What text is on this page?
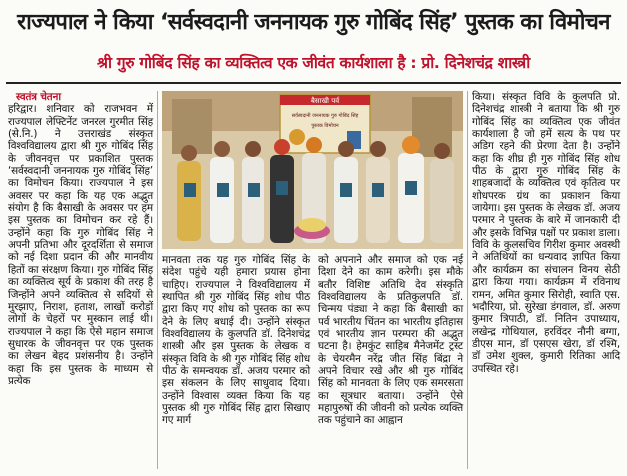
राज्यपाल ने किया ‘सर्वस्वदानी जननायक गुरु गोबिंद सिंह’ पुस्तक का विमोचन
श्री गुरु गोबिंद सिंह का व्यक्तित्व एक जीवंत कार्यशाला है : प्रो. दिनेशचंद्र शास्त्री
स्वतंत्र चेतना

हरिद्वार। शनिवार को राजभवन में राज्यपाल लेफ्टिनेंट जनरल गुरमीत सिंह (से.नि.) ने उत्तराखंड संस्कृत विश्वविद्यालय द्वारा श्री गुरु गोबिंद सिंह के जीवनवृत्त पर प्रकाशित पुस्तक ‘सर्वस्वदानी जननायक गुरु गोबिंद सिंह’ का विमोचन किया। राज्यपाल ने इस अवसर पर कहा कि यह एक अद्भुत संयोग है कि बैसाखी के अवसर पर हम इस पुस्तक का विमोचन कर रहे हैं। उन्होंने कहा कि गुरु गोबिंद सिंह ने अपनी प्रतिभा और दूरदर्शिता से समाज को नई दिशा प्रदान की और मानवीय हितों का संरक्षण किया। गुरु गोबिंद सिंह का व्यक्तित्व सूर्य के प्रकाश की तरह है जिन्होंने अपने व्यक्तित्व से सदियों से मुरझाए, निराश, हताश, लाखों करोड़ों लोगों के चेहरों पर मुस्कान लाई थी। राज्यपाल ने कहा कि ऐसे महान समाज सुधारक के जीवनवृत्त पर एक पुस्तक का लेखन बेहद प्रशंसनीय है। उन्होंने कहा कि इस पुस्तक के माध्यम से प्रत्येक

बैसाखी पर्व
सर्वस्वदानी जननायक गुरु गोबिंद सिंह
पुस्तक विमोचन

मानवता तक यह गुरु गोबिंद सिंह के संदेश पहुंचे यही हमारा प्रयास होना चाहिए। राज्यपाल ने विश्वविद्यालय में स्थापित श्री गुरु गोबिंद सिंह शोध पीठ द्वारा किए गए शोध को पुस्तक का रूप देने के लिए बधाई दी। उन्होंने संस्कृत विश्वविद्यालय के कुलपति डॉ. दिनेशचंद्र शास्त्री और इस पुस्तक के लेखक व संस्कृत विवि के श्री गुरु गोबिंद सिंह शोध पीठ के समन्वयक डॉ. अजय परमार को इस संकलन के लिए साधुवाद दिया। उन्होंने विश्वास व्यक्त किया कि यह पुस्तक श्री गुरु गोबिंद सिंह द्वारा सिखाए गए मार्ग

को अपनाने और समाज को एक नई दिशा देने का काम करेगी। इस मौके बतौर विशिष्ट अतिथि देव संस्कृति विश्वविद्यालय के प्रतिकुलपति डॉ. चिन्मय पंड्या ने कहा कि बैसाखी का पर्व भारतीय चिंतन का भारतीय इतिहास एवं भारतीय ज्ञान परम्परा की अद्भुत घटना है। हेमकुंट साहिब मैनेजमेंट ट्रस्ट के चेयरमैन नरेंद्र जीत सिंह बिंद्रा ने अपने विचार रखे और श्री गुरु गोबिंद सिंह को मानवता के लिए एक समरसता का सूत्रधार बताया। उन्होंने ऐसे महापुरुषों की जीवनी को प्रत्येक व्यक्ति तक पहुंचाने का आह्वान

किया। संस्कृत विवि के कुलपति प्रो. दिनेशचंद्र शास्त्री ने बताया कि श्री गुरु गोबिंद सिंह का व्यक्तित्व एक जीवंत कार्यशाला है जो हमें सत्य के पथ पर अडिग रहने की प्रेरणा देता है। उन्होंने कहा कि शीघ्र ही गुरु गोबिंद सिंह शोध पीठ के द्वारा गुरु गोबिंद सिंह के शाहबजादों के व्यक्तित्व एवं कृतित्व पर शोधपरक ग्रंथ का प्रकाशन किया जायेगा। इस पुस्तक के लेखक डॉ. अजय परमार ने पुस्तक के बारे में जानकारी दी और इसके विभिन्न पक्षों पर प्रकाश डाला। विवि के कुलसचिव गिरीश कुमार अवस्थी ने अतिथियों का धन्यवाद ज्ञापित किया और कार्यक्रम का संचालन विनय सेठी द्वारा किया गया। कार्यक्रम में रविनाथ रामन, अमित कुमार सिरोही, स्वाति एस. भदौरिया, प्रो. सुरेखा डंगवाल, डॉ. अरुण कुमार त्रिपाठी, डॉ. नितिन उपाध्याय, लखेन्द्र गोथियाल, हरविंदर नौनी बग्गा, डीएस मान, डॉ एसएस खेरा, डॉ रश्मि, डॉ उमेश शुक्ल, कुमारी रितिका आदि उपस्थित रहे।
